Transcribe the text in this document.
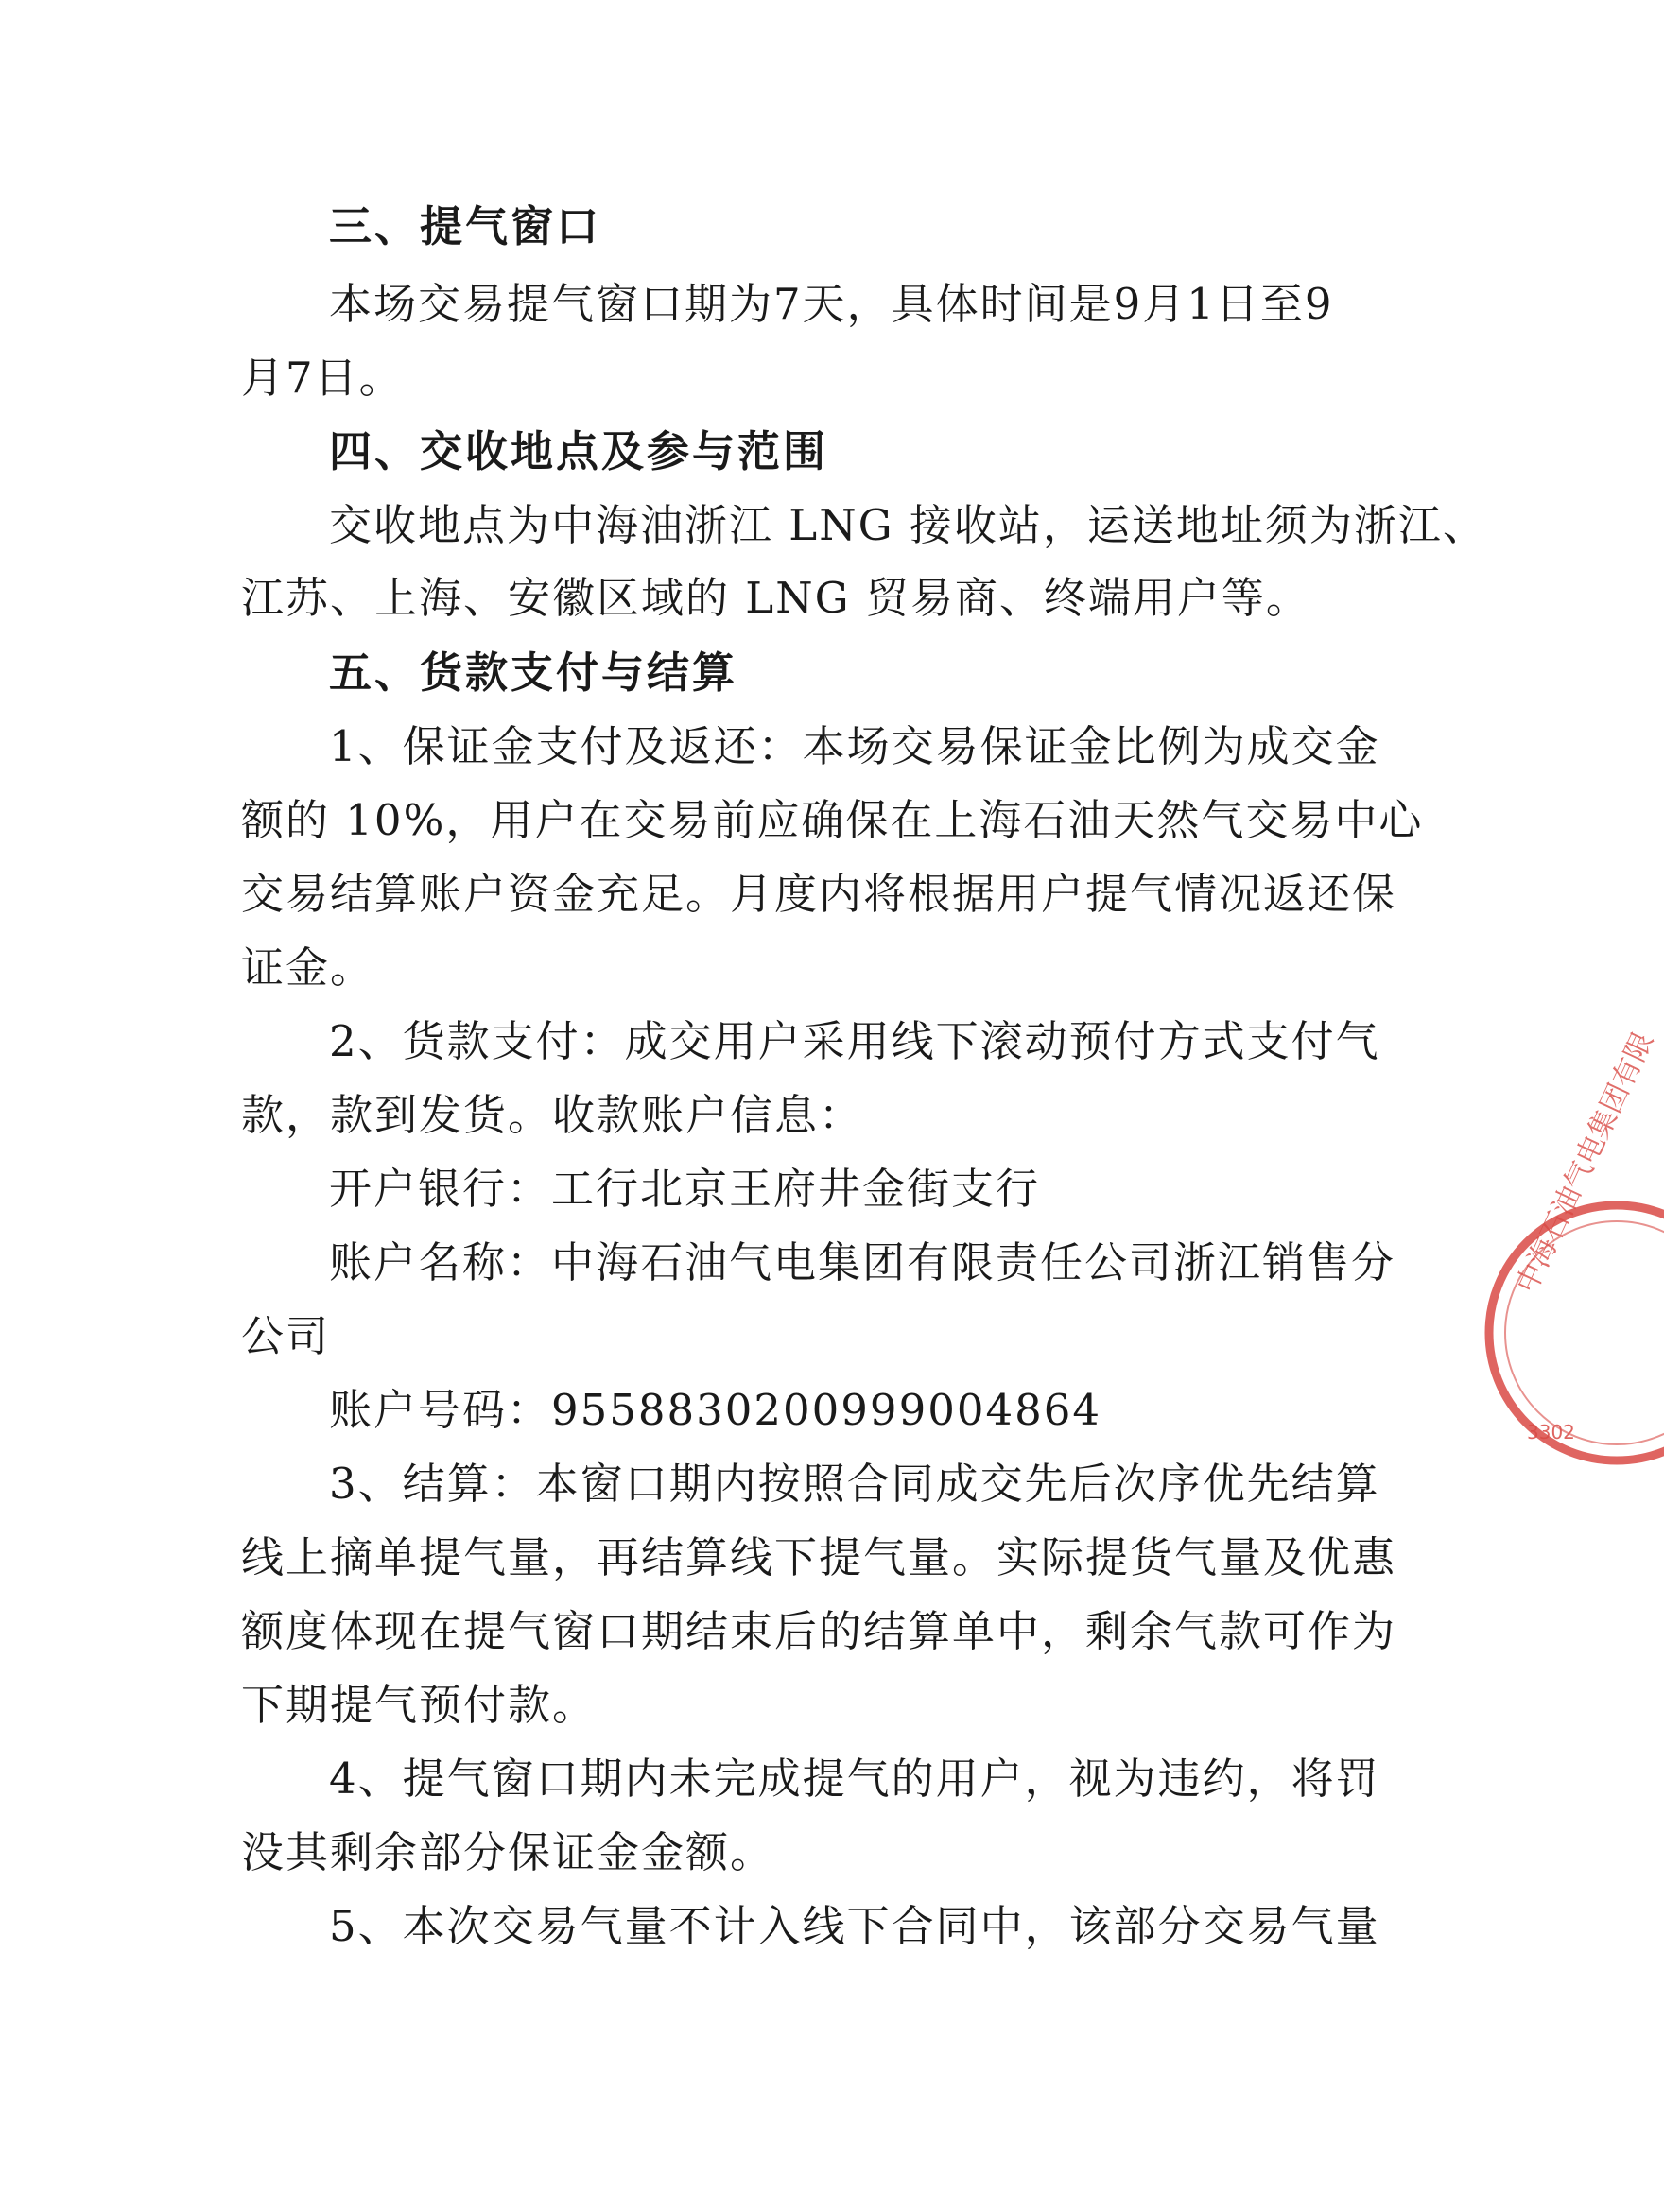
三、提气窗口
本场交易提气窗口期为7天，具体时间是9月1日至9
月7日。
四、交收地点及参与范围
交收地点为中海油浙江 LNG 接收站，运送地址须为浙江、
江苏、上海、安徽区域的 LNG 贸易商、终端用户等。
五、货款支付与结算
1、保证金支付及返还：本场交易保证金比例为成交金
额的 10%，用户在交易前应确保在上海石油天然气交易中心
交易结算账户资金充足。月度内将根据用户提气情况返还保
证金。
2、货款支付：成交用户采用线下滚动预付方式支付气
款，款到发货。收款账户信息：
开户银行：工行北京王府井金街支行
账户名称：中海石油气电集团有限责任公司浙江销售分
公司
账户号码：9558830200999004864
3、结算：本窗口期内按照合同成交先后次序优先结算
线上摘单提气量，再结算线下提气量。实际提货气量及优惠
额度体现在提气窗口期结束后的结算单中，剩余气款可作为
下期提气预付款。
4、提气窗口期内未完成提气的用户，视为违约，将罚
没其剩余部分保证金金额。
5、本次交易气量不计入线下合同中，该部分交易气量
中海石油气电集团有限
3302
